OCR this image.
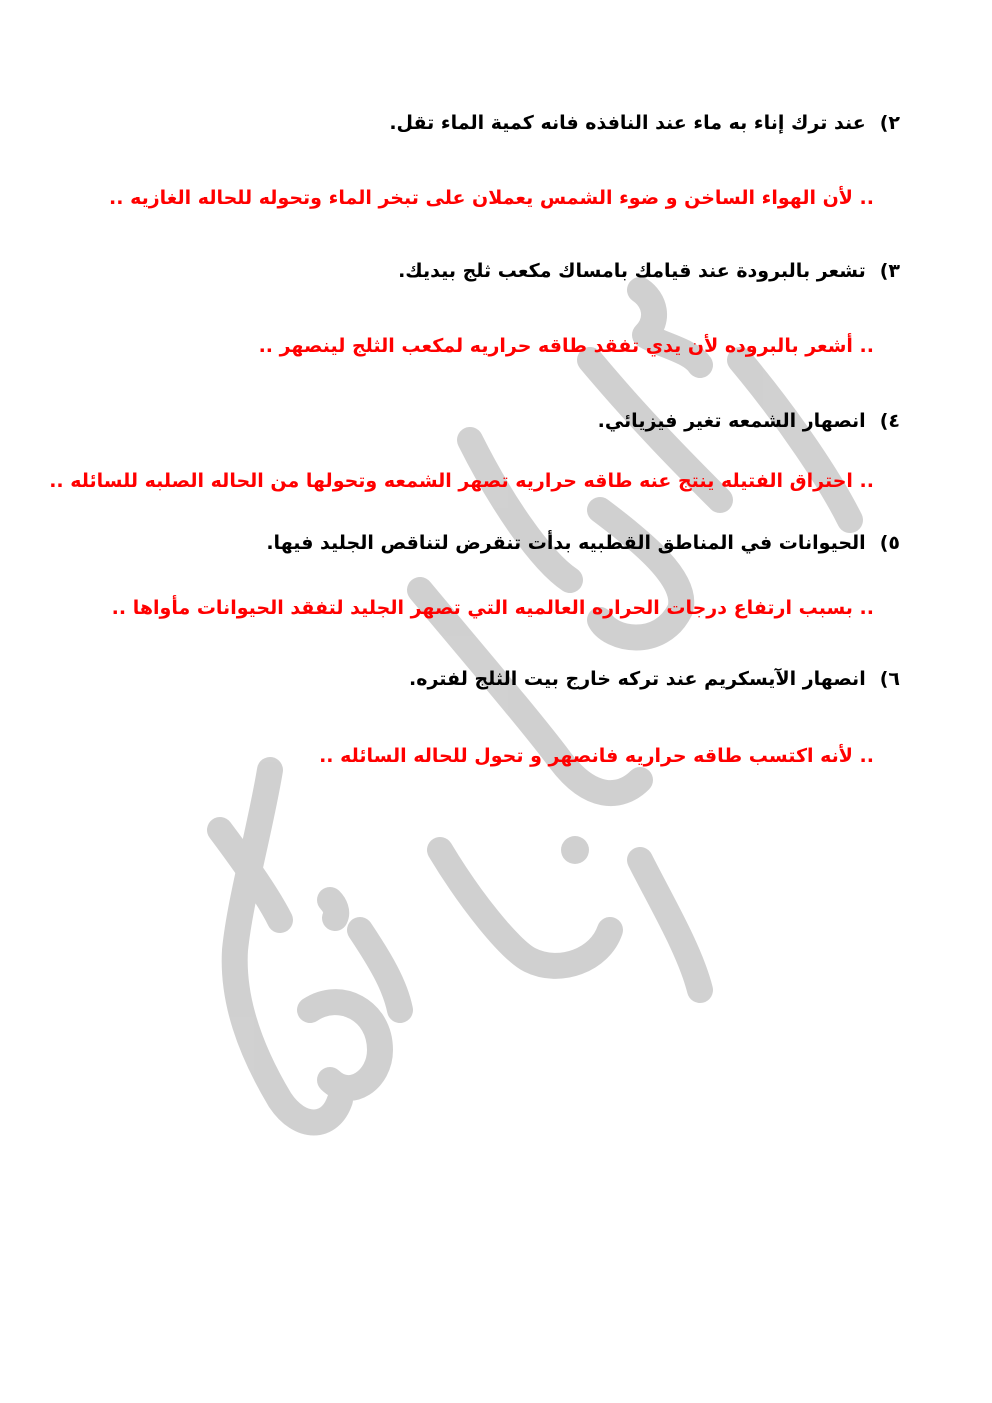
٢)عند ترك إناء به ماء عند النافذه فانه كمية الماء تقل.
.. لأن الهواء الساخن و ضوء الشمس يعملان على تبخر الماء وتحوله للحاله الغازيه ..
٣)تشعر بالبرودة عند قيامك بامساك مكعب ثلج بيديك.
.. أشعر بالبروده لأن يدي تفقد طاقه حراريه لمكعب الثلج لينصهر ..
٤)انصهار الشمعه تغير فيزيائي.
.. احتراق الفتيله ينتج عنه طاقه حراريه تصهر الشمعه وتحولها من الحاله الصلبه للسائله ..
٥)الحيوانات في المناطق القطبيه بدأت تنقرض لتناقص الجليد فيها.
.. بسبب ارتفاع درجات الحراره العالميه التي تصهر الجليد لتفقد الحيوانات مأواها ..
٦)انصهار الآيسكريم عند تركه خارج بيت الثلج لفتره.
.. لأنه اكتسب طاقه حراريه فانصهر و تحول للحاله السائله ..
